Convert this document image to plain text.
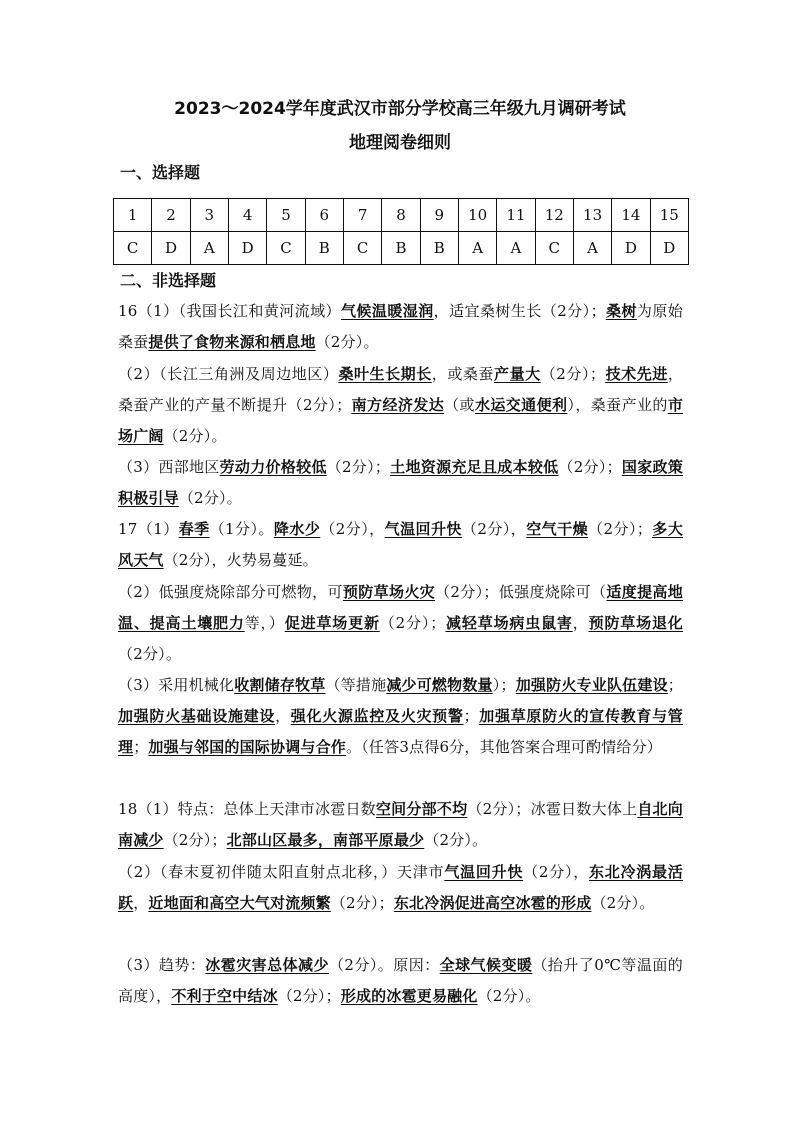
2023～2024学年度武汉市部分学校高三年级九月调研考试
地理阅卷细则
一、选择题
1	2	3	4	5	6	7	8	9	10	11	12	13	14	15
C	D	A	D	C	B	C	B	B	A	A	C	A	D	D
二、非选择题
16（1）（我国长江和黄河流域）气候温暖湿润，适宜桑树生长（2分）；桑树为原始桑蚕提供了食物来源和栖息地（2分）。
（2）（长江三角洲及周边地区）桑叶生长期长，或桑蚕产量大（2分）；技术先进，桑蚕产业的产量不断提升（2分）；南方经济发达（或水运交通便利），桑蚕产业的市场广阔（2分）。
（3）西部地区劳动力价格较低（2分）；土地资源充足且成本较低（2分）；国家政策积极引导（2分）。
17（1）春季（1分）。降水少（2分），气温回升快（2分），空气干燥（2分）；多大风天气（2分），火势易蔓延。
（2）低强度烧除部分可燃物，可预防草场火灾（2分）；低强度烧除可（适度提高地温、提高土壤肥力等，）促进草场更新（2分）；减轻草场病虫鼠害，预防草场退化（2分）。
（3）采用机械化收割储存牧草（等措施减少可燃物数量）；加强防火专业队伍建设；加强防火基础设施建设，强化火源监控及火灾预警；加强草原防火的宣传教育与管理；加强与邻国的国际协调与合作。（任答3点得6分，其他答案合理可酌情给分）
18（1）特点：总体上天津市冰雹日数空间分部不均（2分）；冰雹日数大体上自北向南减少（2分）；北部山区最多，南部平原最少（2分）。
（2）（春末夏初伴随太阳直射点北移，）天津市气温回升快（2分），东北冷涡最活跃，近地面和高空大气对流频繁（2分）；东北冷涡促进高空冰雹的形成（2分）。
（3）趋势：冰雹灾害总体减少（2分）。原因：全球气候变暖（抬升了0℃等温面的高度），不利于空中结冰（2分）；形成的冰雹更易融化（2分）。
